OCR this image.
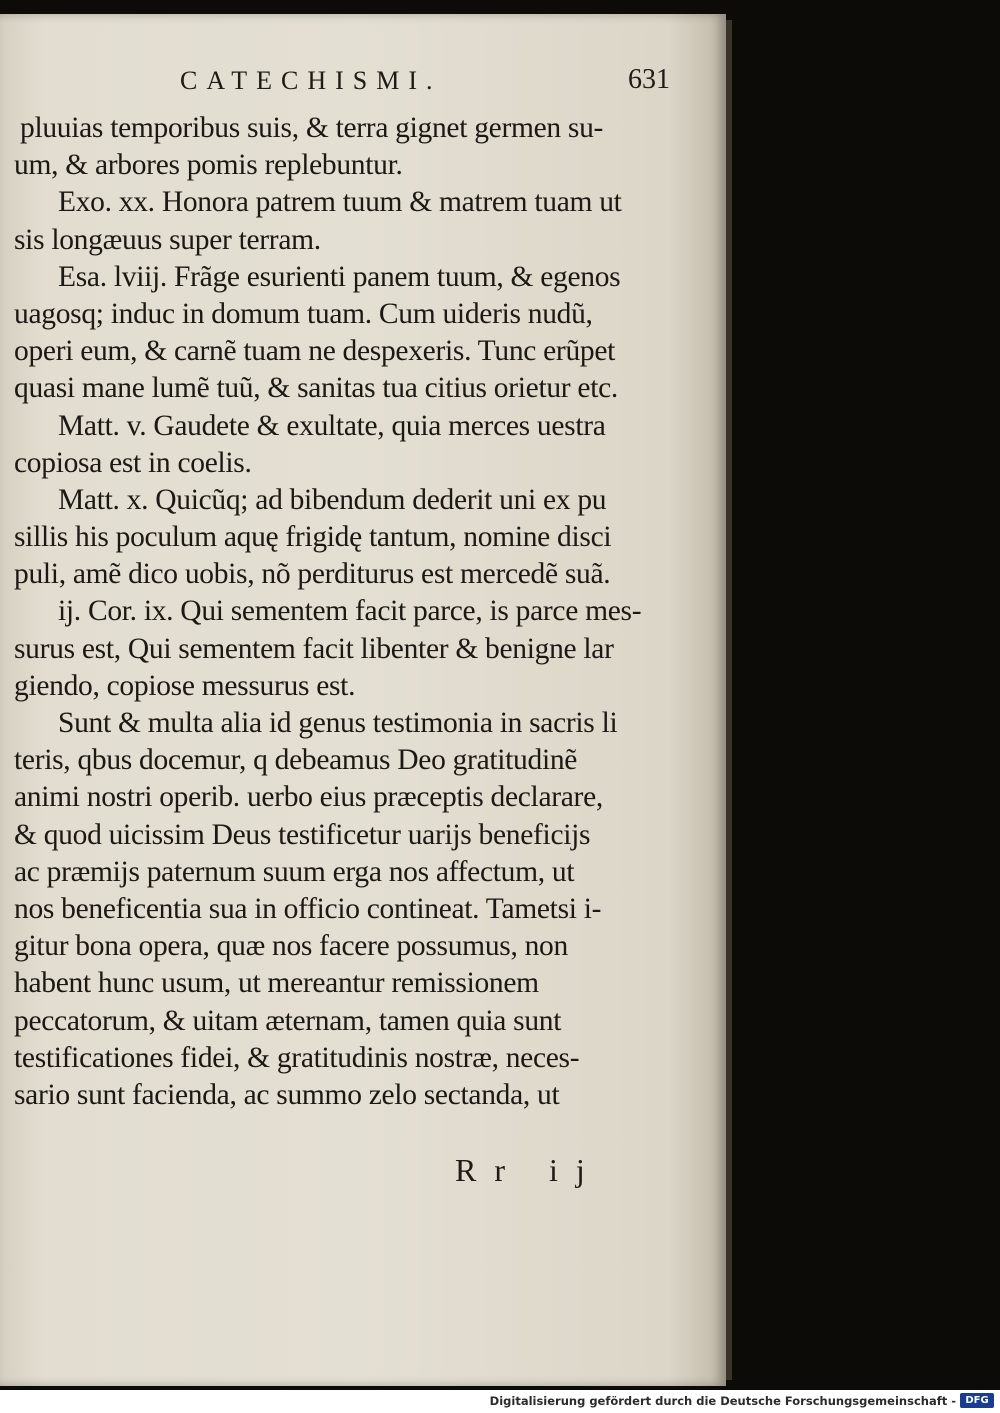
CATECHISMI.	631
pluuias temporibus suis, & terra gignet germen su-
um, & arbores pomis replebuntur.
Exo. xx. Honora patrem tuum & matrem tuam ut
sis longæuus super terram.
Esa. lviij. Frãge esurienti panem tuum, & egenos
uagosq; induc in domum tuam. Cum uideris nudũ,
operi eum, & carnẽ tuam ne despexeris. Tunc erũpet
quasi mane lumẽ tuũ, & sanitas tua citius orietur etc.
Matt. v. Gaudete & exultate, quia merces uestra
copiosa est in coelis.
Matt. x. Quicũq; ad bibendum dederit uni ex pu
sillis his poculum aquę frigidę tantum, nomine disci
puli, amẽ dico uobis, nõ perditurus est mercedẽ suã.
ij. Cor. ix. Qui sementem facit parce, is parce mes-
surus est, Qui sementem facit libenter & benigne lar
giendo, copiose messurus est.
Sunt & multa alia id genus testimonia in sacris li
teris, qbus docemur, q debeamus Deo gratitudinẽ
animi nostri operib. uerbo eius præceptis declarare,
& quod uicissim Deus testificetur uarijs beneficijs
ac præmijs paternum suum erga nos affectum, ut
nos beneficentia sua in officio contineat. Tametsi i-
gitur bona opera, quæ nos facere possumus, non
habent hunc usum, ut mereantur remissionem
peccatorum, & uitam æternam, tamen quia sunt
testificationes fidei, & gratitudinis nostræ, neces-
sario sunt facienda, ac summo zelo sectanda, ut
Rr ij
Digitalisierung gefördert durch die Deutsche Forschungsgemeinschaft - DFG
